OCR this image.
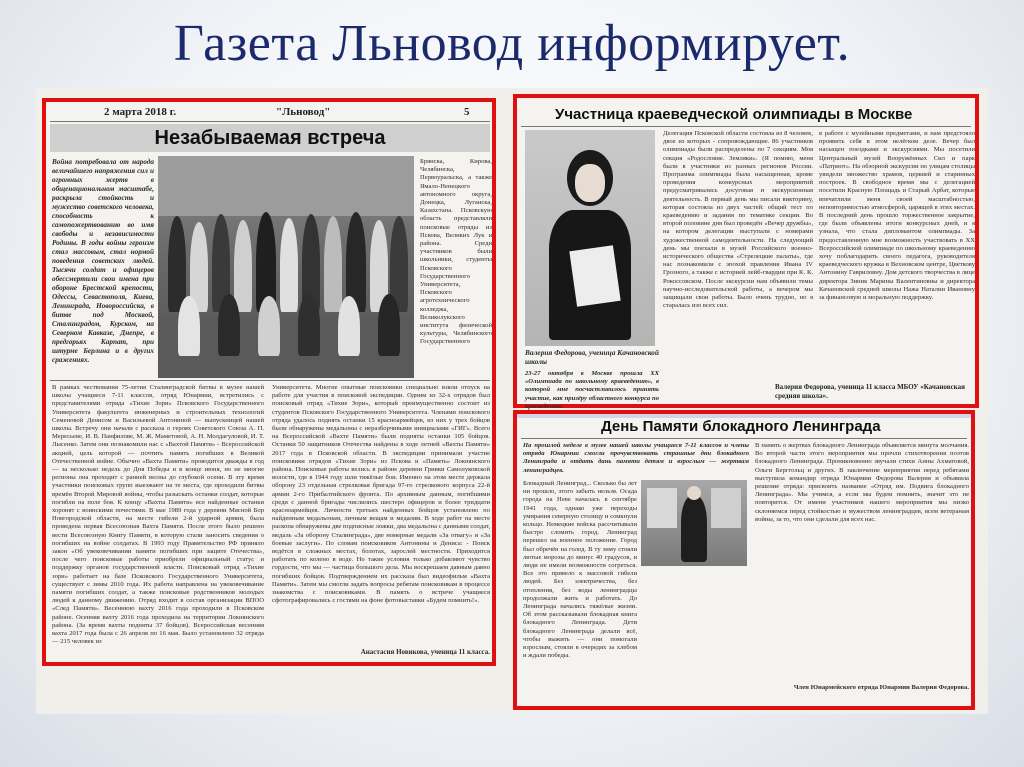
Газета Льновод информирует.
2 марта 2018 г.	"Льновод"	5
Незабываемая встреча
Война потребовала от народа величайшего напряжения сил и огромных жертв в общенациональном масштабе, раскрыла стойкость и мужество советского человека, способность к самопожертвованию во имя свободы и независимости Родины. В годы войны героизм стал массовым, стал нормой поведения советских людей. Тысячи солдат и офицеров обессмертили свои имена при обороне Брестской крепости, Одессы, Севастополя, Киева, Ленинграда, Новороссийска, в битве под Москвой, Сталинградом, Курском, на Северном Кавказе, Днепре, в предгорьях Карпат, при штурме Берлина и в других сражениях.
Брянска, Кирова, Челябинска, Первоуральска, а также Ямало-Ненецкого автономного округа, Донецка, Луганска, Казахстана. Псковскую область представляли поисковые отряды из Пскова, Великих Лук и района. Среди участников были школьники, студенты Псковского Государственного Университета, Псковского агротехнического колледжа, Великолукского института физической культуры, Челябинского Государственного
В рамках чествования 75-летия Сталинградской битвы в музее нашей школы учащиеся 7-11 классов, отряд Юнармии, встретились с представителями отряда «Тихие Зори» Псковского Государственного Университета факультета инженерных и строительных технологий Семеновой Денисом и Васильевой Антониной — выпускницей нашей школы. Встречу они начали с рассказа о героях Советского Союза А. П. Мересьеве, И. В. Панфилове, М. Ж. Маметовой, А. Н. Молдагуловой, И. Т. Лысенко. Затем они познакомили нас с «Вахтой Памяти» - Всероссийской акцией, цель которой — почтить память погибших в Великой Отечественной войне. Обычно «Вахта Памяти» проводится дважды в год — за несколько недель до Дня Победы и в конце июня, но не многие регионы она проходит с ранней весны до глубокой осени. В эту время участники поисковых групп выезжают на те места, где проходили битвы времён Второй Мировой войны, чтобы разыскать останки солдат, которые погибли на поле боя. К концу «Вахты Памяти» все найденные останки хоронят с воинскими почестями. В мае 1989 года у деревни Мясной Бор Новгородской области, на месте гибели 2-й ударной армии, была проведена первая Всесоюзная Вахта Памяти. После этого было решено вести Всесоюзную Книгу Памяти, в которую стали заносить сведения о погибших на войне солдатах. В 1993 году Правительство РФ приняло закон «Об увековечивании памяти погибших при защите Отечества», после чего поисковые работы приобрели официальный статус и поддержку органов государственной власти. Поисковый отряд «Тихие зори» работает на базе Псковского Государственного Университета, существует с зимы 2010 года. Их работа направлена на увековечивание памяти погибших солдат, а также поисковые родственников молодых людей к данному движению. Отряд входит в состав организации ВПОО «След Памяти». Весеннюю вахту 2016 года проходили в Псковском районе. Осенняя вахту 2016 года проходила на территории Локнянского района. (За время вахты подняты 37 бойцов). Всероссийская весенняя вахта 2017 года была с 26 апреля по 16 мая. Было установлено 32 отряда — 215 человек из
Университета. Многие опытные поисковики специально взяли отпуск на работе для участия в поисковой экспедиции. Одним из 32-х отрядов был поисковый отряд «Тихие Зори», который преимущественно состоит из студентов Псковского Государственного Университета. Членами поискового отряда удалось поднять останки 15 красноармейцев, из них у трех бойцов были обнаружены медальоны с неразборчивыми инициалами «ГИГ». Всего на Всероссийской «Вахте Памяти» были подняты останки 105 бойцов. Останки 50 защитников Отечества найдены в ходе летней «Вахты Памяти» 2017 года в Псковской области. В экспедиции принимали участие поисковики отрядов «Тихие Зори» из Пскова и «Память» Локнянского района. Поисковые работы велись в районе деревни Гривки Самолуковской волости, где в 1944 году шли тяжёлые бои. Именно на этом месте держала оборону 23 отдельная стрелковая бригада 97-го стрелкового корпуса 22-й армии 2-го Прибалтийского фронта. По архивным данным, погибшими среди с данной бригады числились шестеро офицеров и более тридцати красноармейцев. Личности третьих найденных бойцов установлено по найденным медальонам, личным вещам и медалям. В ходе работ на месте раскопа обнаружены две подписные ложки, два медальона с данными солдат, медаль «За оборону Сталинграда», две номерные медали «За отвагу» и «За боевые заслуги». По словам поисковиков Антонины и Дениса: - Поиск ведётся в сложных местах, болотах, зарослей местности. Приходится работать по колено в воде. Но такие условия только добавляют чувство гордости, что мы — частица большого дела. Мы воскрешаем давным давно погибших бойцов. Подтверждением их рассказа был видеофильм «Вахта Памяти». Затем мы смогли задать вопросы ребятам поисковикам в процессе знакомства с поисковиками. В память о встрече учащиеся сфотографировались с гостями на фоне фотовыставки «Будем помнить!».
Анастасия Новикова, ученица 11 класса.
Участница краеведческой олимпиады в Москве
Валерия Федорова, ученица Качановской школы
23-27 октября в Москве прошла XX «Олимпиада по школьному краеведению», в которой мне посчастливилось принять участие, как призёру областного конкурса по краеведению.
Делегация Псковской области состояла из 8 человек, двое из которых - сопровождающие. 86 участников олимпиады были распределены по 7 секциям. Моя секция «Родословие. Земляки». (Я помню, меня были в участники из разных регионов России. Программа олимпиады была насыщенная, кроме проведения конкурсных мероприятий предусматривались досуговая и экскурсионная деятельность. В первый день мы писали викторину, которая состояла из двух частей: общий тест по краеведению и задания по тематике секции. Во второй половине дня был проведён «Вечер дружбы», на котором делегации выступали с номерами художественной самодеятельности. На следующий день мы поехали в музей Российского военно-исторического общества «Стрелецкие палаты», где нас познакомили с эпохой правления Ивана IV Грозного, а также с историей лейб-гвардии при К. К. Рокоссовском. После экскурсии нам объявили темы научно-исследовательской работы, а вечером мы защищали свои работы. Было очень трудно, но я старалась изо всех сил.
в работе с музейными предметами, и нам предстояло проявить себя в этом нелёгком деле. Вечер был насыщен поездками и экскурсиями. Мы посетили Центральный музей Вооружённых Сил и парк «Патриот». На обзорной экскурсии по улицам столицы увидели множество храмов, церквей и старинных построек. В свободное время мы с делегацией посетили Красную Площадь и Старый Арбат, которые впечатлили меня своей масштабностью, неповторимостью атмосферой, царящей в этих местах. В последний день прошло торжественное закрытие, где были объявлены итоги конкурсных дней, и я узнала, что стала дипломантом олимпиады. За предоставленную мне возможность участвовать в XX Всероссийской олимпиаде по школьному краеведению хочу поблагодарить своего педагога, руководителя краеведческого кружка в Вехновском центре, Цветкову Антонину Гавриловну. Дом детского творчества в лице директора Зиник Марины Валентиновны и директора Качановской средней школы Нажа Наталии Ивановну за финансовую и моральную поддержку.
Валерия Федорова, ученица 11 класса МБОУ «Качановская средняя школа».
День Памяти блокадного Ленинграда
На прошлой неделе в музее нашей школы учащиеся 7-11 классов и члены отряда Юнармии смогли прочувствовать страшные дни блокадного Ленинграда и отдать дань памяти детям и взрослым — жертвам ленинградцев.
Блокадный Ленинград... Сколько бы лет ни прошло, этого забыть нельзя. Осада города на Неве началась в сентябре 1941 года, однако уже переходы умирания северную столицу и сомкнули кольцо. Немецкие войска рассчитывали быстро сломить город. Ленинград перешел на военное положение. Город был обречён на голод. В ту зиму стояли лютые морозы до минус 40 градусов, и люди не имели возможности согреться. Все это привело к массовой гибели людей. Без электричества, без отопления, без воды ленинградцы продолжали жить и работать. До Ленинграда начались тяжёлые жизни. Об этом рассказывали блокадная книга блокадного Ленинграда. Дети блокадного Ленинграда делали всё, чтобы выжить — они помогали взрослым, стояли в очередях за хлебом и ждали победы.
В память о жертвах блокадного Ленинграда объявляется минута молчания. Во второй части этого мероприятия мы прочли стихотворения поэтов блокадного Ленинграда. Проникновенно звучали стихи Анны Ахматовой, Ольги Берггольц и других. В заключение мероприятия перед ребятами выступила командир отряда Юнармии Федорова Валерия и объявила решение отряда: присвоить название «Отряд им. Подвига блокадного Ленинграда». Мы учимся, а если мы будем помнить, значит это не повторится. От имени участников нашего мероприятия мы низко склоняемся перед стойкостью и мужеством ленинградцев, всем ветеранам войны, за то, что они сделали для всех нас.
Член Юнармейского отряда Юнармии Валерия Федорова.
